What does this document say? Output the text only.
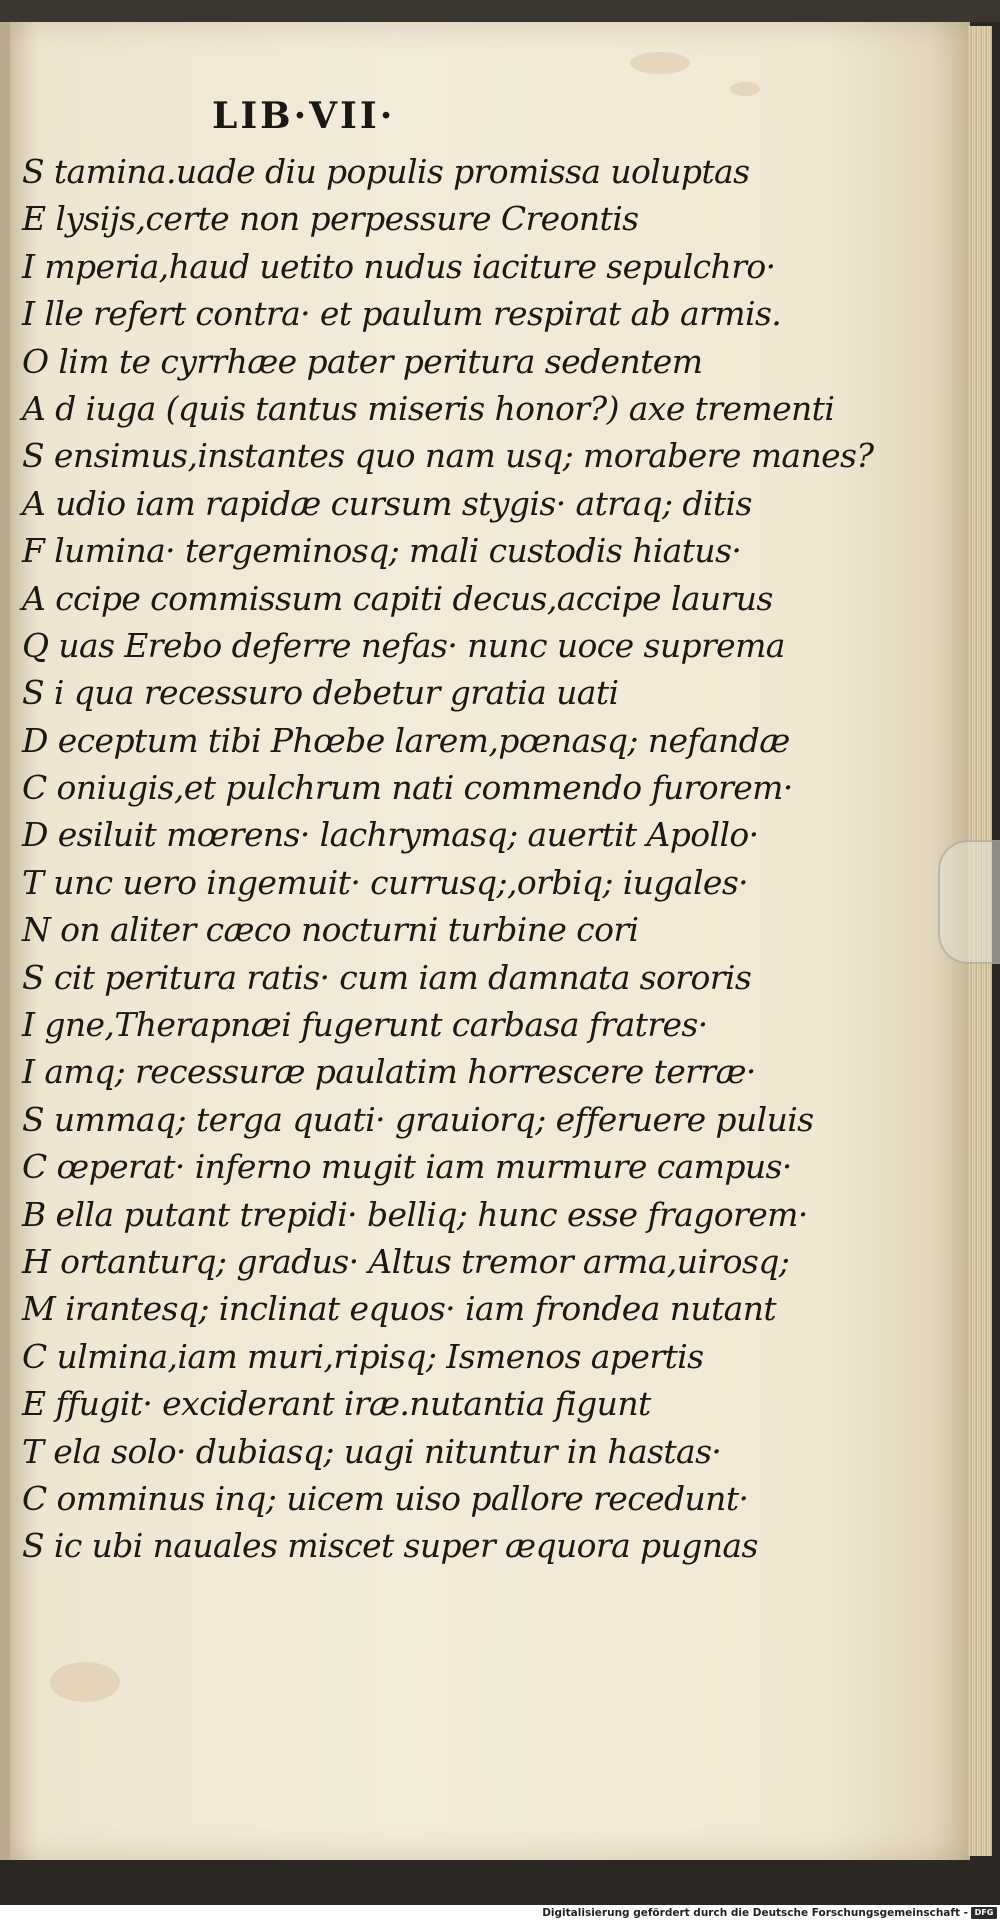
LIB·VII·
S tamina.uade diu populis promissa uoluptas
E lysijs,certe non perpessure Creontis
I mperia,haud uetito nudus iaciture sepulchro·
I lle refert contra· et paulum respirat ab armis.
O lim te cyrrhæe pater peritura sedentem
A d iuga (quis tantus miseris honor?) axe trementi
S ensimus,instantes quo nam usq; morabere manes?
A udio iam rapidæ cursum stygis· atraq; ditis
F lumina· tergeminosq; mali custodis hiatus·
A ccipe commissum capiti decus,accipe laurus
Q uas Erebo deferre nefas· nunc uoce suprema
S i qua recessuro debetur gratia uati
D eceptum tibi Phœbe larem,pœnasq; nefandæ
C oniugis,et pulchrum nati commendo furorem·
D esiluit mœrens· lachrymasq; auertit Apollo·
T unc uero ingemuit· currusq;,orbiq; iugales·
N on aliter cæco nocturni turbine cori
S cit peritura ratis· cum iam damnata sororis
I gne,Therapnæi fugerunt carbasa fratres·
I amq; recessuræ paulatim horrescere terræ·
S ummaq; terga quati· grauiorq; efferuere puluis
C œperat· inferno mugit iam murmure campus·
B ella putant trepidi· belliq; hunc esse fragorem·
H ortanturq; gradus· Altus tremor arma,uirosq;
M irantesq; inclinat equos· iam frondea nutant
C ulmina,iam muri,ripisq; Ismenos apertis
E ffugit· exciderant iræ.nutantia figunt
T ela solo· dubiasq; uagi nituntur in hastas·
C omminus inq; uicem uiso pallore recedunt·
S ic ubi nauales miscet super æquora pugnas
Digitalisierung gefördert durch die Deutsche Forschungsgemeinschaft - DFG
